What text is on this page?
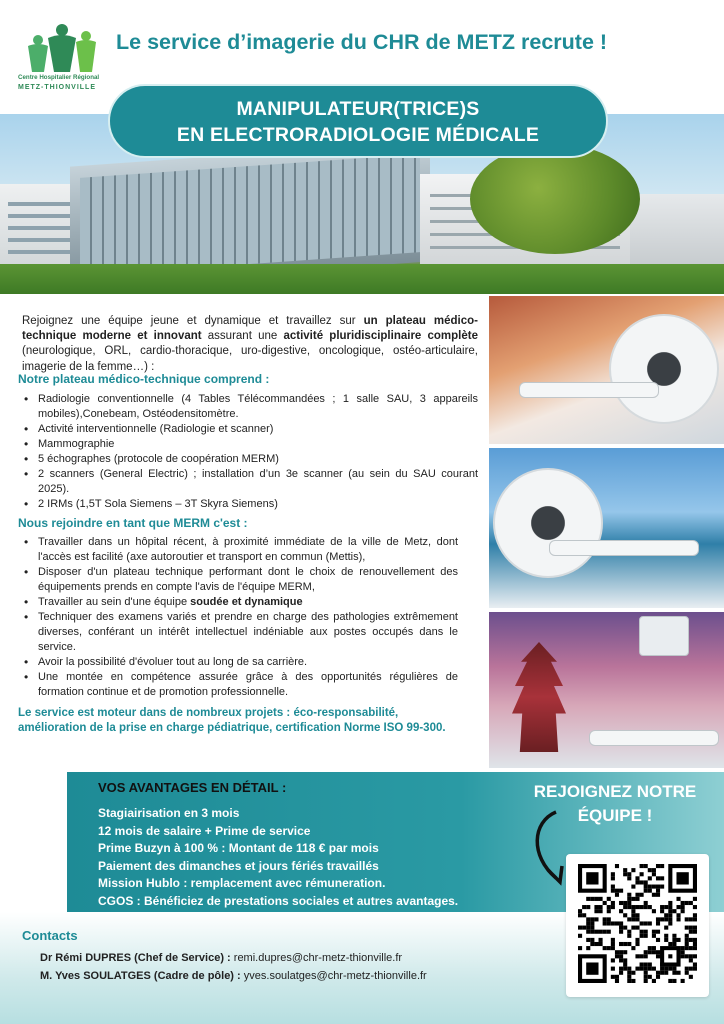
Centre Hospitalier Régional
METZ-THIONVILLE
Le service d’imagerie du CHR de METZ recrute !
MANIPULATEUR(TRICE)S
EN ELECTRORADIOLOGIE MÉDICALE

Rejoignez une équipe jeune et dynamique et travaillez sur un plateau médico-technique moderne et innovant assurant une activité pluridisciplinaire complète (neurologique, ORL, cardio-thoracique, uro-digestive, oncologique, ostéo-articulaire, imagerie de la femme…) :

Notre plateau médico-technique comprend :
• Radiologie conventionnelle (4 Tables Télécommandées ; 1 salle SAU, 3 appareils mobiles),Conebeam, Ostéodensitomètre.
• Activité interventionnelle (Radiologie et scanner)
• Mammographie
• 5 échographes (protocole de coopération MERM)
• 2 scanners (General Electric) ; installation d’un 3e scanner (au sein du SAU courant 2025).
• 2 IRMs (1,5T Sola Siemens – 3T Skyra Siemens)
Nous rejoindre en tant que MERM c'est :
• Travailler dans un hôpital récent, à proximité immédiate de la ville de Metz, dont l'accès est facilité (axe autoroutier et transport en commun (Mettis),
• Disposer d'un plateau technique performant dont le choix de renouvellement des équipements prends en compte l'avis de l'équipe MERM,
• Travailler au sein d'une équipe soudée et dynamique
• Techniquer des examens variés et prendre en charge des pathologies extrêmement diverses, conférant un intérêt intellectuel indéniable aux postes occupés dans le service.
• Avoir la possibilité d'évoluer tout au long de sa carrière.
• Une montée en compétence assurée grâce à des opportunités régulières de formation continue et de promotion professionnelle.
Le service est moteur dans de nombreux projets : éco-responsabilité,
amélioration de la prise en charge pédiatrique, certification Norme ISO 99-300.
VOS AVANTAGES EN DÉTAIL :
Stagiairisation en 3 mois
12 mois de salaire + Prime de service
Prime Buzyn à 100 % : Montant de 118 € par mois
Paiement des dimanches et jours fériés travaillés
Mission Hublo : remplacement avec rémuneration.
CGOS : Bénéficiez de prestations sociales et autres avantages.
REJOIGNEZ NOTRE
ÉQUIPE !
Contacts
Dr Rémi DUPRES (Chef de Service) : remi.dupres@chr-metz-thionville.fr
M. Yves SOULATGES (Cadre de pôle) : yves.soulatges@chr-metz-thionville.fr
